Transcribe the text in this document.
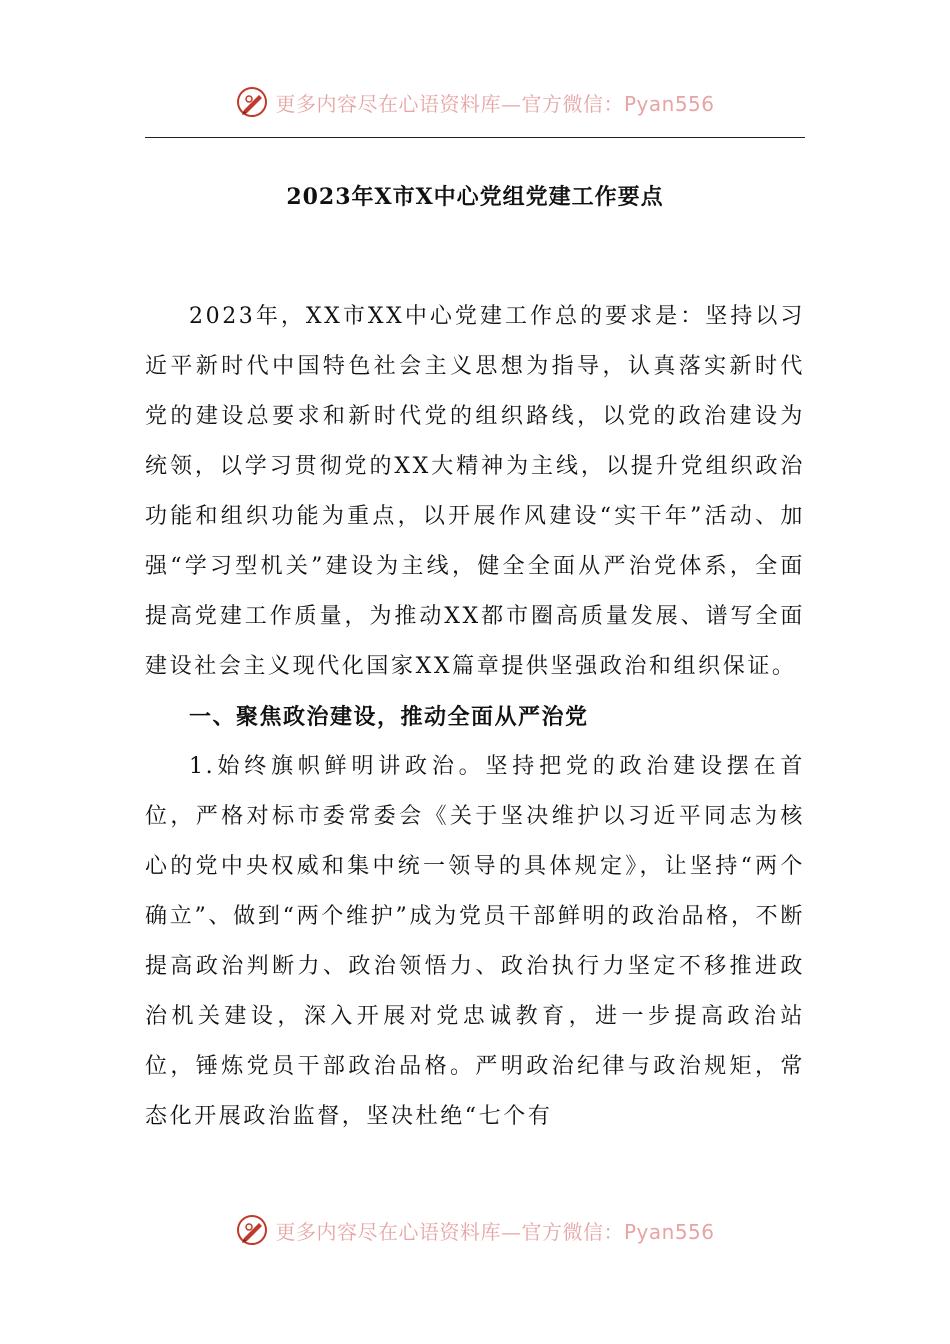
更多内容尽在心语资料库—官方微信：Pyan556
2023年X市X中心党组党建工作要点

2023年，XX市XX中心党建工作总的要求是：坚持以习近平新时代中国特色社会主义思想为指导，认真落实新时代党的建设总要求和新时代党的组织路线，以党的政治建设为统领，以学习贯彻党的XX大精神为主线，以提升党组织政治功能和组织功能为重点，以开展作风建设“实干年”活动、加强“学习型机关”建设为主线，健全全面从严治党体系，全面提高党建工作质量，为推动XX都市圈高质量发展、谱写全面建设社会主义现代化国家XX篇章提供坚强政治和组织保证。

一、聚焦政治建设，推动全面从严治党

1.始终旗帜鲜明讲政治。坚持把党的政治建设摆在首位，严格对标市委常委会《关于坚决维护以习近平同志为核心的党中央权威和集中统一领导的具体规定》，让坚持“两个确立”、做到“两个维护”成为党员干部鲜明的政治品格，不断提高政治判断力、政治领悟力、政治执行力坚定不移推进政治机关建设，深入开展对党忠诚教育，进一步提高政治站位，锤炼党员干部政治品格。严明政治纪律与政治规矩，常态化开展政治监督，坚决杜绝“七个有

更多内容尽在心语资料库—官方微信：Pyan556
